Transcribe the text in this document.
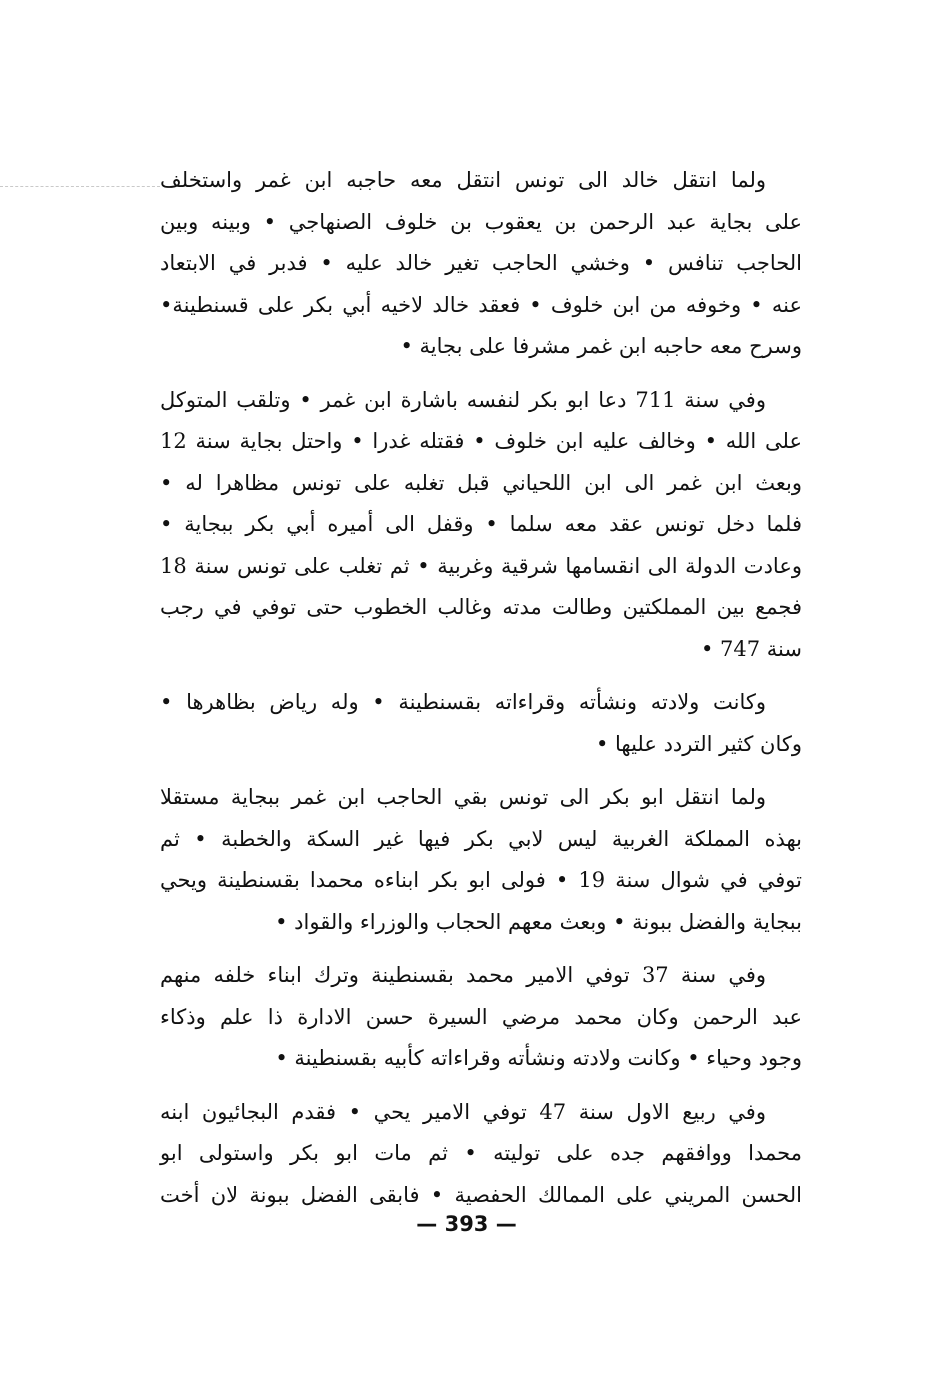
ولما انتقل خالد الى تونس انتقل معه حاجبه ابن غمر واستخلف
على بجاية عبد الرحمن بن يعقوب بن خلوف الصنهاجي • وبينه وبين
الحاجب تنافس • وخشي الحاجب تغير خالد عليه • فدبر في الابتعاد
عنه • وخوفه من ابن خلوف • فعقد خالد لاخيه أبي بكر على قسنطينة•
وسرح معه حاجبه ابن غمر مشرفا على بجاية •
وفي سنة 711 دعا ابو بكر لنفسه باشارة ابن غمر • وتلقب المتوكل
على الله • وخالف عليه ابن خلوف • فقتله غدرا • واحتل بجاية سنة 12
وبعث ابن غمر الى ابن اللحياني قبل تغلبه على تونس مظاهرا له •
فلما دخل تونس عقد معه سلما • وقفل الى أميره أبي بكر ببجاية •
وعادت الدولة الى انقسامها شرقية وغربية • ثم تغلب على تونس سنة 18
فجمع بين المملكتين وطالت مدته وغالب الخطوب حتى توفي في رجب
سنة 747 •
وكانت ولادته ونشأته وقراءاته بقسنطينة • وله رياض بظاهرها •
وكان كثير التردد عليها •
ولما انتقل ابو بكر الى تونس بقي الحاجب ابن غمر ببجاية مستقلا
بهذه المملكة الغربية ليس لابي بكر فيها غير السكة والخطبة • ثم
توفي في شوال سنة 19 • فولى ابو بكر ابناءه محمدا بقسنطينة ويحي
ببجاية والفضل ببونة • وبعث معهم الحجاب والوزراء والقواد •
وفي سنة 37 توفي الامير محمد بقسنطينة وترك ابناء خلفه منهم
عبد الرحمن وكان محمد مرضي السيرة حسن الادارة ذا علم وذكاء
وجود وحياء • وكانت ولادته ونشأته وقراءاته كأبيه بقسنطينة •
وفي ربيع الاول سنة 47 توفي الامير يحي • فقدم البجائيون ابنه
محمدا ووافقهم جده على توليته • ثم مات ابو بكر واستولى ابو
الحسن المريني على الممالك الحفصية • فابقى الفضل ببونة لان أخت
— 393 —
